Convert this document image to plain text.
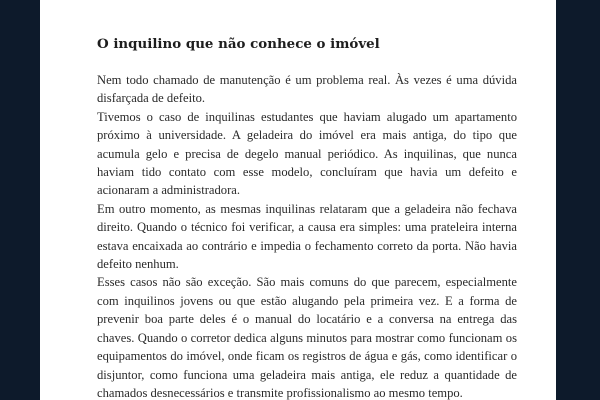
O inquilino que não conhece o imóvel

Nem todo chamado de manutenção é um problema real. Às vezes é uma dúvida disfarçada de defeito.

Tivemos o caso de inquilinas estudantes que haviam alugado um apartamento próximo à universidade. A geladeira do imóvel era mais antiga, do tipo que acumula gelo e precisa de degelo manual periódico. As inquilinas, que nunca haviam tido contato com esse modelo, concluíram que havia um defeito e acionaram a administradora.

Em outro momento, as mesmas inquilinas relataram que a geladeira não fechava direito. Quando o técnico foi verificar, a causa era simples: uma prateleira interna estava encaixada ao contrário e impedia o fechamento correto da porta. Não havia defeito nenhum.

Esses casos não são exceção. São mais comuns do que parecem, especialmente com inquilinos jovens ou que estão alugando pela primeira vez. E a forma de prevenir boa parte deles é o manual do locatário e a conversa na entrega das chaves. Quando o corretor dedica alguns minutos para mostrar como funcionam os equipamentos do imóvel, onde ficam os registros de água e gás, como identificar o disjuntor, como funciona uma geladeira mais antiga, ele reduz a quantidade de chamados desnecessários e transmite profissionalismo ao mesmo tempo.
